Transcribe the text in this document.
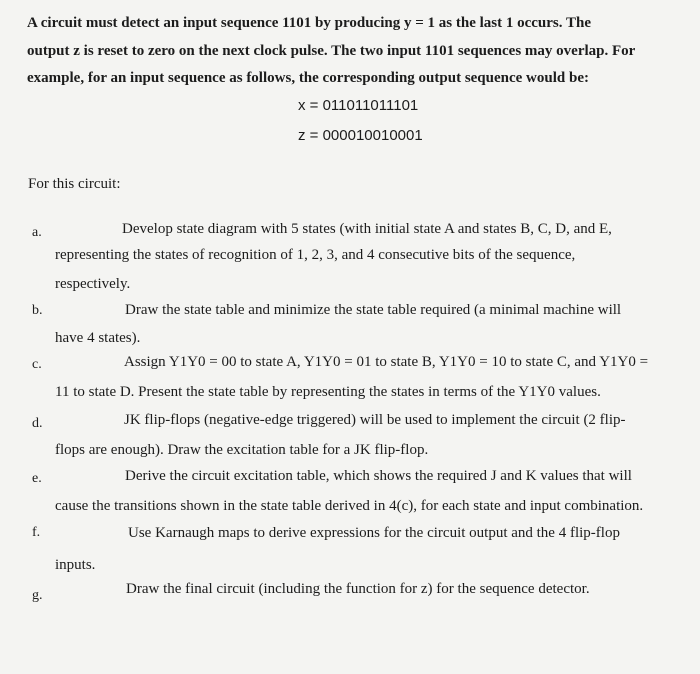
A circuit must detect an input sequence 1101 by producing y = 1 as the last 1 occurs. The
output z is reset to zero on the next clock pulse. The two input 1101 sequences may overlap. For
example, for an input sequence as follows, the corresponding output sequence would be:
x = 011011011101
z = 000010010001
For this circuit:
a.	Develop state diagram with 5 states (with initial state A and states B, C, D, and E,
representing the states of recognition of 1, 2, 3, and 4 consecutive bits of the sequence,
respectively.
b.	Draw the state table and minimize the state table required (a minimal machine will
have 4 states).
c.	Assign Y1Y0 = 00 to state A, Y1Y0 = 01 to state B, Y1Y0 = 10 to state C, and Y1Y0 =
11 to state D. Present the state table by representing the states in terms of the Y1Y0 values.
d.	JK flip-flops (negative-edge triggered) will be used to implement the circuit (2 flip-
flops are enough). Draw the excitation table for a JK flip-flop.
e.	Derive the circuit excitation table, which shows the required J and K values that will
cause the transitions shown in the state table derived in 4(c), for each state and input combination.
f.	Use Karnaugh maps to derive expressions for the circuit output and the 4 flip-flop
inputs.
g.	Draw the final circuit (including the function for z) for the sequence detector.
